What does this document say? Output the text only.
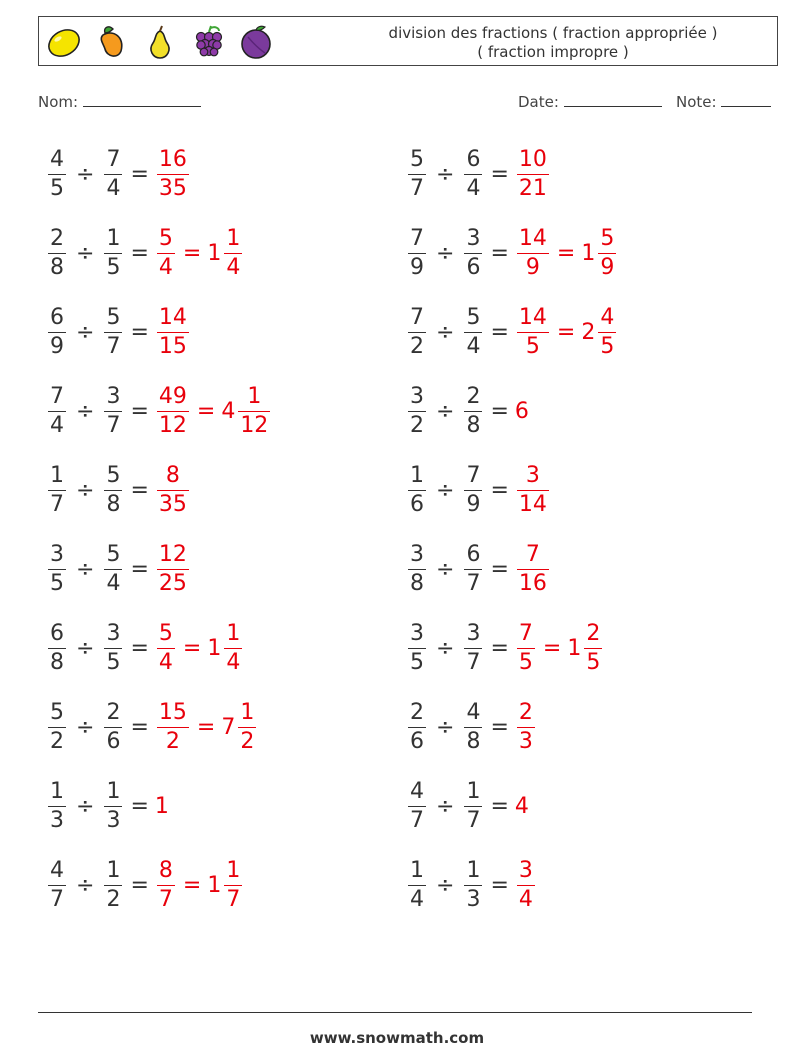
division des fractions ( fraction appropriée )
( fraction impropre )
Nom:	Date:	Note:
$\frac{4}{5} \div \frac{7}{4} = \frac{16}{35}$	$\frac{5}{7} \div \frac{6}{4} = \frac{10}{21}$
$\frac{2}{8} \div \frac{1}{5} = \frac{5}{4} = 1 \frac{1}{4}$	$\frac{7}{9} \div \frac{3}{6} = \frac{14}{9} = 1 \frac{5}{9}$
$\frac{6}{9} \div \frac{5}{7} = \frac{14}{15}$	$\frac{7}{2} \div \frac{5}{4} = \frac{14}{5} = 2 \frac{4}{5}$
$\frac{7}{4} \div \frac{3}{7} = \frac{49}{12} = 4 \frac{1}{12}$	$\frac{3}{2} \div \frac{2}{8} = 6$
$\frac{1}{7} \div \frac{5}{8} = \frac{8}{35}$	$\frac{1}{6} \div \frac{7}{9} = \frac{3}{14}$
$\frac{3}{5} \div \frac{5}{4} = \frac{12}{25}$	$\frac{3}{8} \div \frac{6}{7} = \frac{7}{16}$
$\frac{6}{8} \div \frac{3}{5} = \frac{5}{4} = 1 \frac{1}{4}$	$\frac{3}{5} \div \frac{3}{7} = \frac{7}{5} = 1 \frac{2}{5}$
$\frac{5}{2} \div \frac{2}{6} = \frac{15}{2} = 7 \frac{1}{2}$	$\frac{2}{6} \div \frac{4}{8} = \frac{2}{3}$
$\frac{1}{3} \div \frac{1}{3} = 1$	$\frac{4}{7} \div \frac{1}{7} = 4$
$\frac{4}{7} \div \frac{1}{2} = \frac{8}{7} = 1 \frac{1}{7}$	$\frac{1}{4} \div \frac{1}{3} = \frac{3}{4}$
www.snowmath.com
